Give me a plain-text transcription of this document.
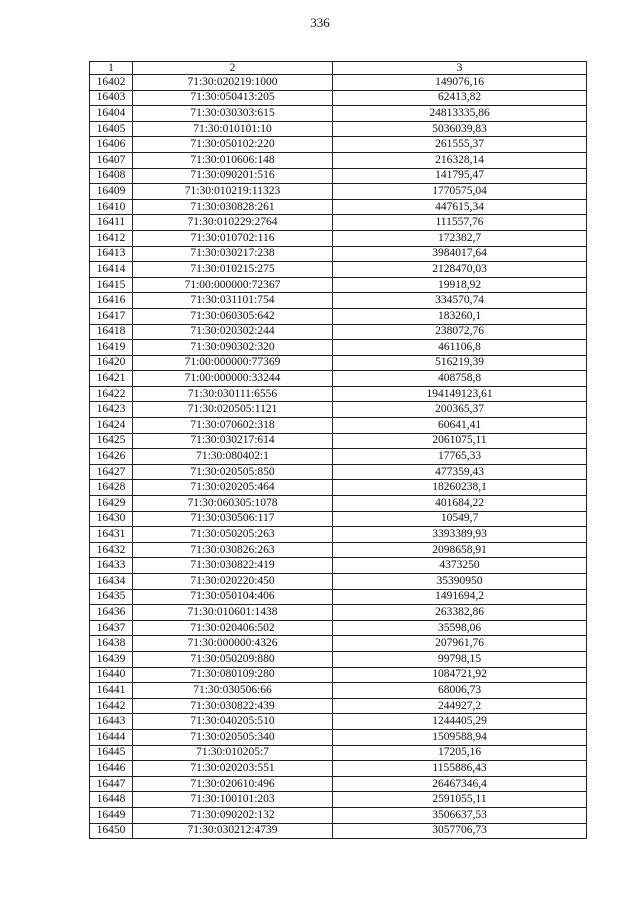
336
1	2	3
16402	71:30:020219:1000	149076,16
16403	71:30:050413:205	62413,82
16404	71:30:030303:615	24813335,86
16405	71:30:010101:10	5036039,83
16406	71:30:050102:220	261555,37
16407	71:30:010606:148	216328,14
16408	71:30:090201:516	141795,47
16409	71:30:010219:11323	1770575,04
16410	71:30:030828:261	447615,34
16411	71:30:010229:2764	111557,76
16412	71:30:010702:116	172382,7
16413	71:30:030217:238	3984017,64
16414	71:30:010215:275	2128470,03
16415	71:00:000000:72367	19918,92
16416	71:30:031101:754	334570,74
16417	71:30:060305:642	183260,1
16418	71:30:020302:244	238072,76
16419	71:30:090302:320	461106,8
16420	71:00:000000:77369	516219,39
16421	71:00:000000:33244	408758,8
16422	71:30:030111:6556	194149123,61
16423	71:30:020505:1121	200365,37
16424	71:30:070602:318	60641,41
16425	71:30:030217:614	2061075,11
16426	71:30:080402:1	17765,33
16427	71:30:020505:850	477359,43
16428	71:30:020205:464	18260238,1
16429	71:30:060305:1078	401684,22
16430	71:30:030506:117	10549,7
16431	71:30:050205:263	3393389,93
16432	71:30:030826:263	2098658,91
16433	71:30:030822:419	4373250
16434	71:30:020220:450	35390950
16435	71:30:050104:406	1491694,2
16436	71:30:010601:1438	263382,86
16437	71:30:020406:502	35598,06
16438	71:30:000000:4326	207961,76
16439	71:30:050209:880	99798,15
16440	71:30:080109:280	1084721,92
16441	71:30:030506:66	68006,73
16442	71:30:030822:439	244927,2
16443	71:30:040205:510	1244405,29
16444	71:30:020505:340	1509588,94
16445	71:30:010205:7	17205,16
16446	71:30:020203:551	1155886,43
16447	71:30:020610:496	26467346,4
16448	71:30:100101:203	2591055,11
16449	71:30:090202:132	3506637,53
16450	71:30:030212:4739	3057706,73
